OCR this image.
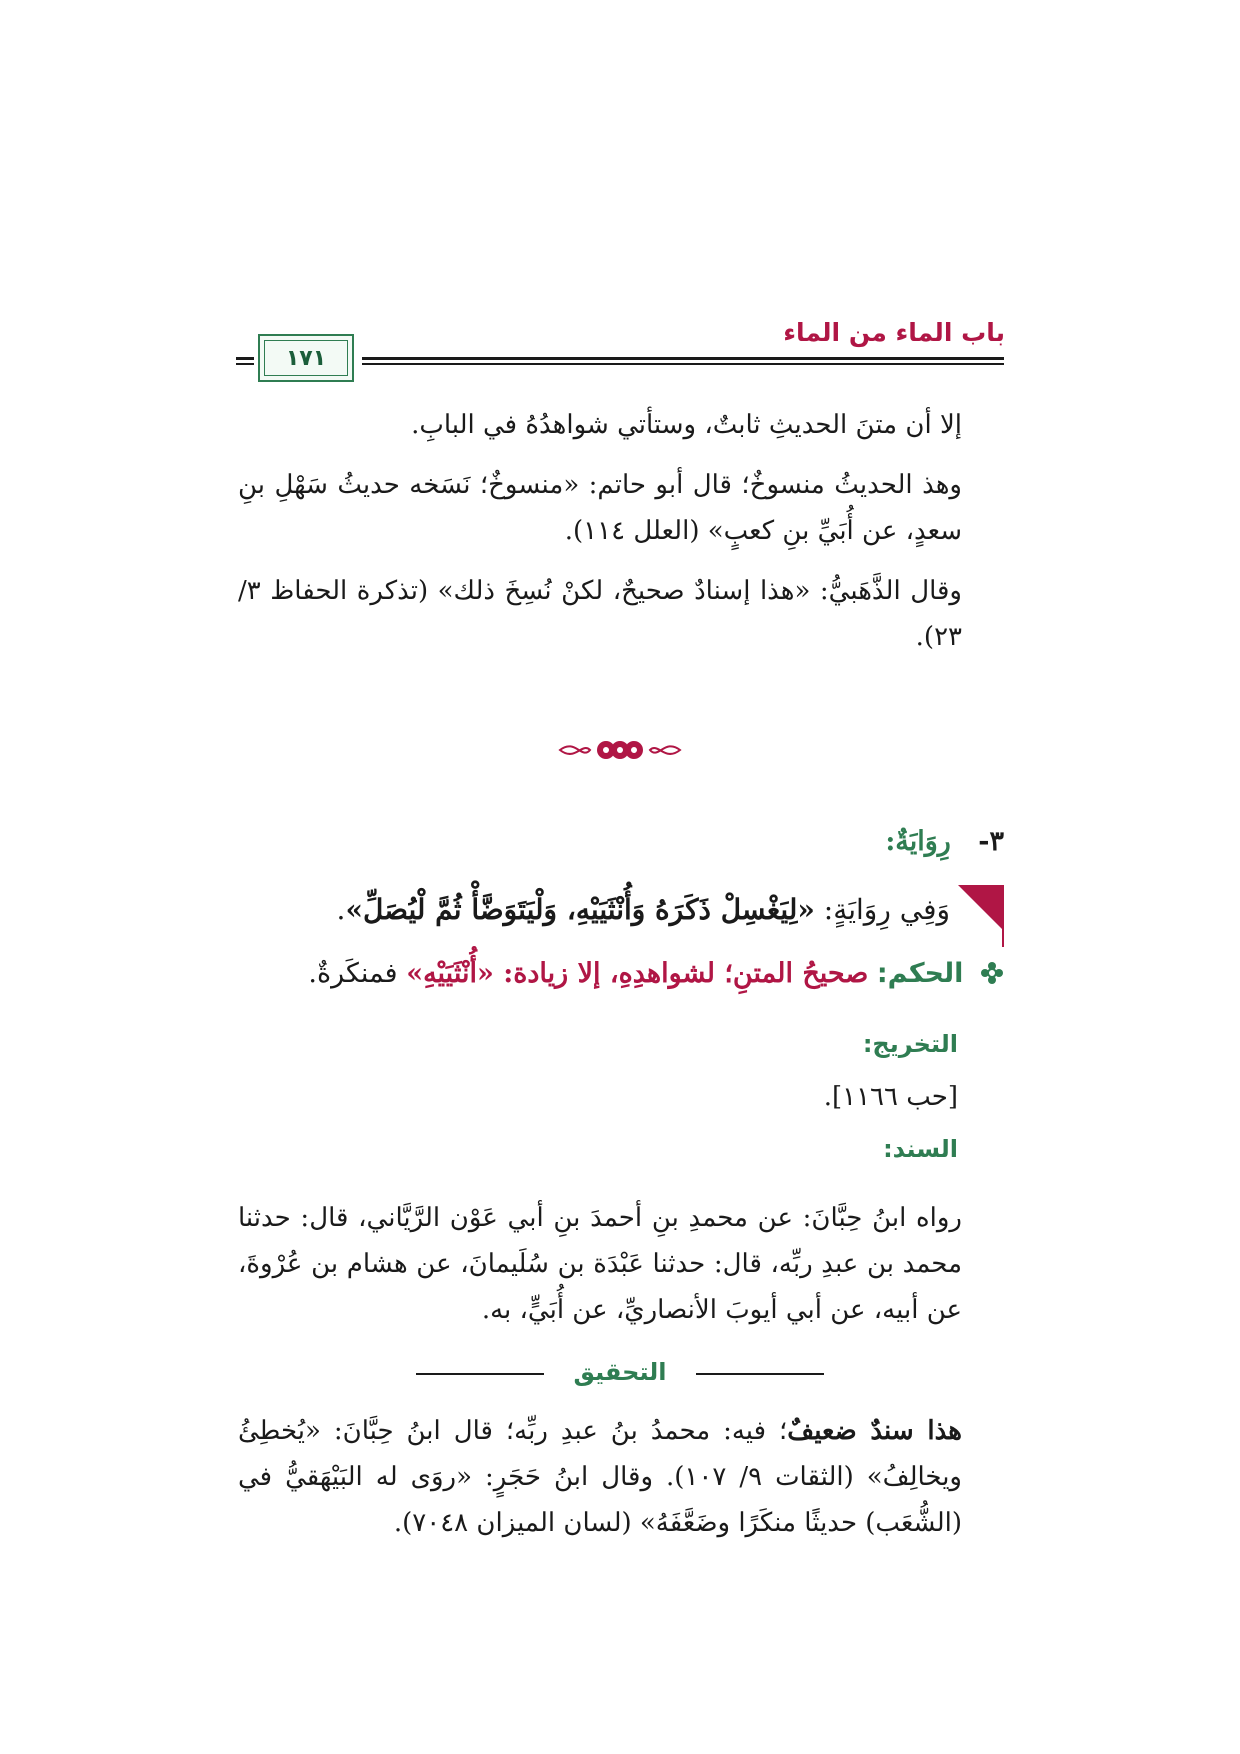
باب الماء من الماء
١٧١

إلا أن متنَ الحديثِ ثابتٌ، وستأتي شواهدُهُ في البابِ.

وهذ الحديثُ منسوخٌ؛ قال أبو حاتم: «منسوخٌ؛ نَسَخه حديثُ سَهْلِ بنِ سعدٍ، عن أُبَيِّ بنِ كعبٍ» (العلل ١١٤).

وقال الذَّهَبيُّ: «هذا إسنادٌ صحيحٌ، لكنْ نُسِخَ ذلك» (تذكرة الحفاظ ٣/ ٢٣).

٣- رِوَايَةٌ:
وَفِي رِوَايَةٍ: «لِيَغْسِلْ ذَكَرَهُ وَأُنْثَيَيْهِ، وَلْيَتَوَضَّأْ ثُمَّ لْيُصَلِّ».
الحكم: صحيحُ المتنِ؛ لشواهدِهِ، إلا زيادة: «أُنْثَيَيْهِ» فمنكَرةٌ.
التخريج:
[حب ١١٦٦].
السند:

رواه ابنُ حِبَّانَ: عن محمدِ بنِ أحمدَ بنِ أبي عَوْن الرَّيَّاني، قال: حدثنا محمد بن عبدِ ربِّه، قال: حدثنا عَبْدَة بن سُلَيمانَ، عن هشام بن عُرْوةَ، عن أبيه، عن أبي أيوبَ الأنصاريِّ، عن أُبَيٍّ، به.

التحقيق

هذا سندٌ ضعيفٌ؛ فيه: محمدُ بنُ عبدِ ربِّه؛ قال ابنُ حِبَّانَ: «يُخطِئُ ويخالِفُ» (الثقات ٩/ ١٠٧). وقال ابنُ حَجَرٍ: «روَى له البَيْهَقيُّ في (الشُّعَب) حديثًا منكَرًا وضَعَّفَهُ» (لسان الميزان ٧٠٤٨).
